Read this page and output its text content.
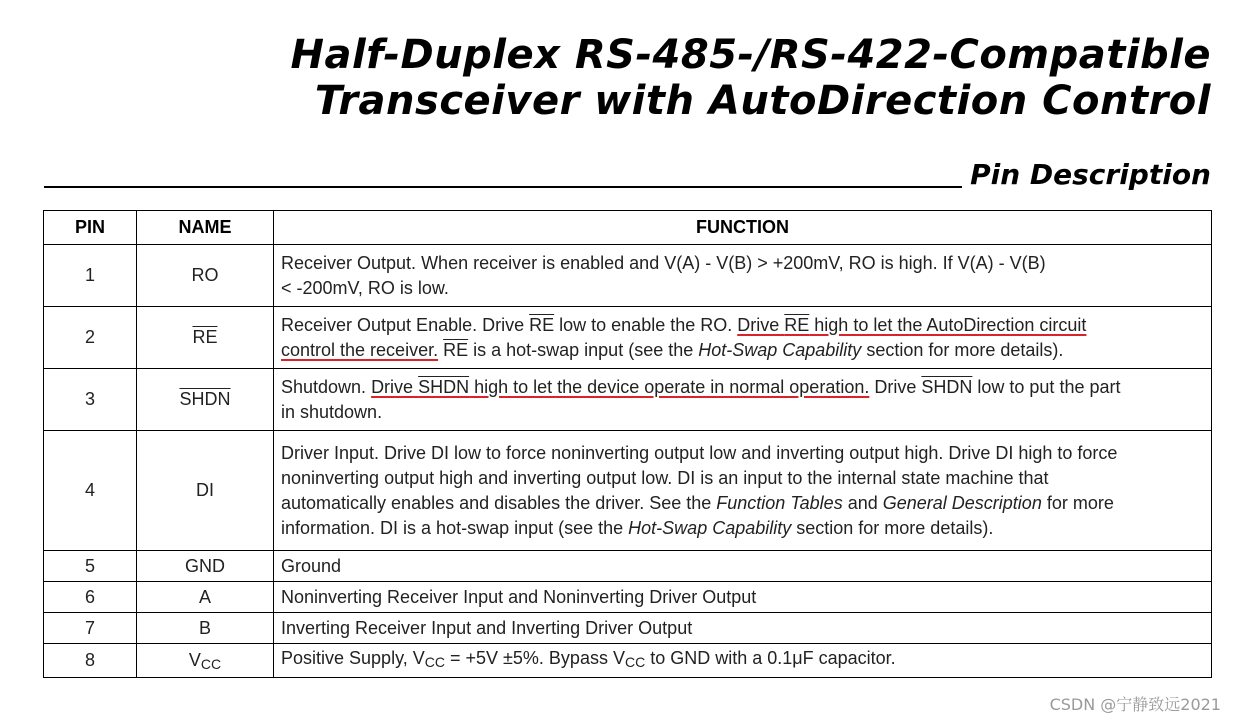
Half-Duplex RS-485-/RS-422-Compatible
Transceiver with AutoDirection Control
Pin Description
PIN	NAME	FUNCTION
1	RO	Receiver Output. When receiver is enabled and V(A) - V(B) > +200mV, RO is high. If V(A) - V(B)
< -200mV, RO is low.
2	$\overline{RE}$	Receiver Output Enable. Drive $\overline{RE}$ low to enable the RO. Drive RE high to let the AutoDirection circuit
control the receiver. $\overline{RE}$ is a hot-swap input (see the Hot-Swap Capability section for more details).
3	SHDN	Shutdown. Drive SHDN high to let the device operate in normal operation. Drive SHDN low to put the part
in shutdown.
4	DI	Driver Input. Drive DI low to force noninverting output low and inverting output high. Drive DI high to force
noninverting output high and inverting output low. DI is an input to the internal state machine that
automatically enables and disables the driver. See the Function Tables and General Description for more
information. DI is a hot-swap input (see the Hot-Swap Capability section for more details).
5	GND	Ground
6	A	Noninverting Receiver Input and Noninverting Driver Output
7	B	Inverting Receiver Input and Inverting Driver Output
8	$V_{CC}$	Positive Supply, $V_{CC} = +5V \pm 5\%$. Bypass $V_{CC}$ to GND with a 0.1μF capacitor.
CSDN @宁静致远2021
